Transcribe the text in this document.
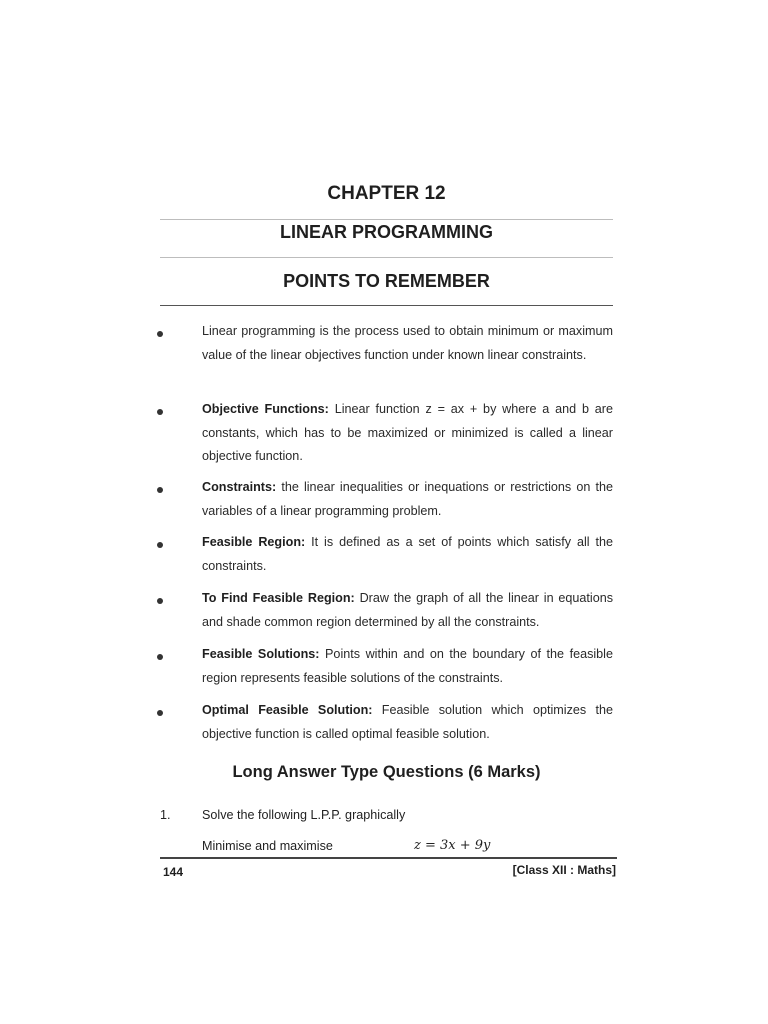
CHAPTER 12
LINEAR PROGRAMMING
POINTS TO REMEMBER
Linear programming is the process used to obtain minimum or maximum value of the linear objectives function under known linear constraints.
Objective Functions: Linear function z = ax + by where a and b are constants, which has to be maximized or minimized is called a linear objective function.
Constraints: the linear inequalities or inequations or restrictions on the variables of a linear programming problem.
Feasible Region: It is defined as a set of points which satisfy all the constraints.
To Find Feasible Region: Draw the graph of all the linear in equations and shade common region determined by all the constraints.
Feasible Solutions: Points within and on the boundary of the feasible region represents feasible solutions of the constraints.
Optimal Feasible Solution: Feasible solution which optimizes the objective function is called optimal feasible solution.
Long Answer Type Questions (6 Marks)
1. Solve the following L.P.P. graphically
Minimise and maximise	z = 3x + 9y
144	[Class XII : Maths]
